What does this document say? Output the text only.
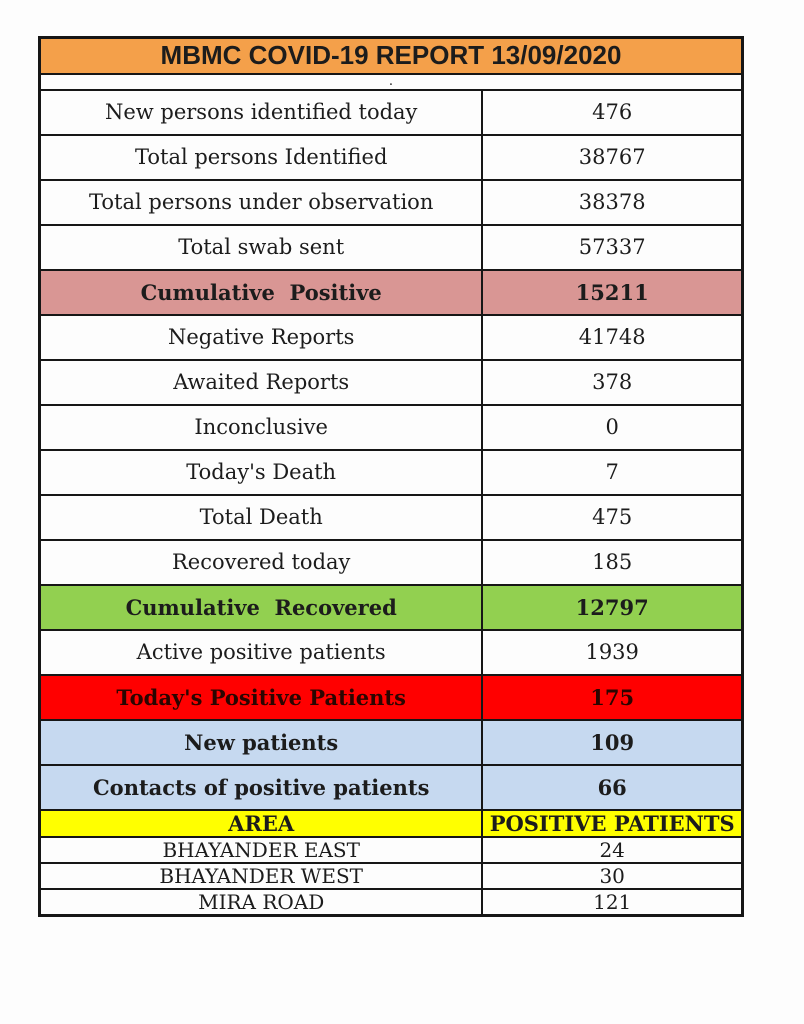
MBMC COVID-19 REPORT 13/09/2020	
.	
New persons identified today	476
Total persons Identified	38767
Total persons under observation	38378
Total swab sent	57337
Cumulative  Positive	15211
Negative Reports	41748
Awaited Reports	378
Inconclusive	0
Today's Death	7
Total Death	475
Recovered today	185
Cumulative  Recovered	12797
Active positive patients	1939
Today's Positive Patients	175
New patients	109
Contacts of positive patients	66
AREA	POSITIVE PATIENTS
BHAYANDER EAST	24
BHAYANDER WEST	30
MIRA ROAD	121
